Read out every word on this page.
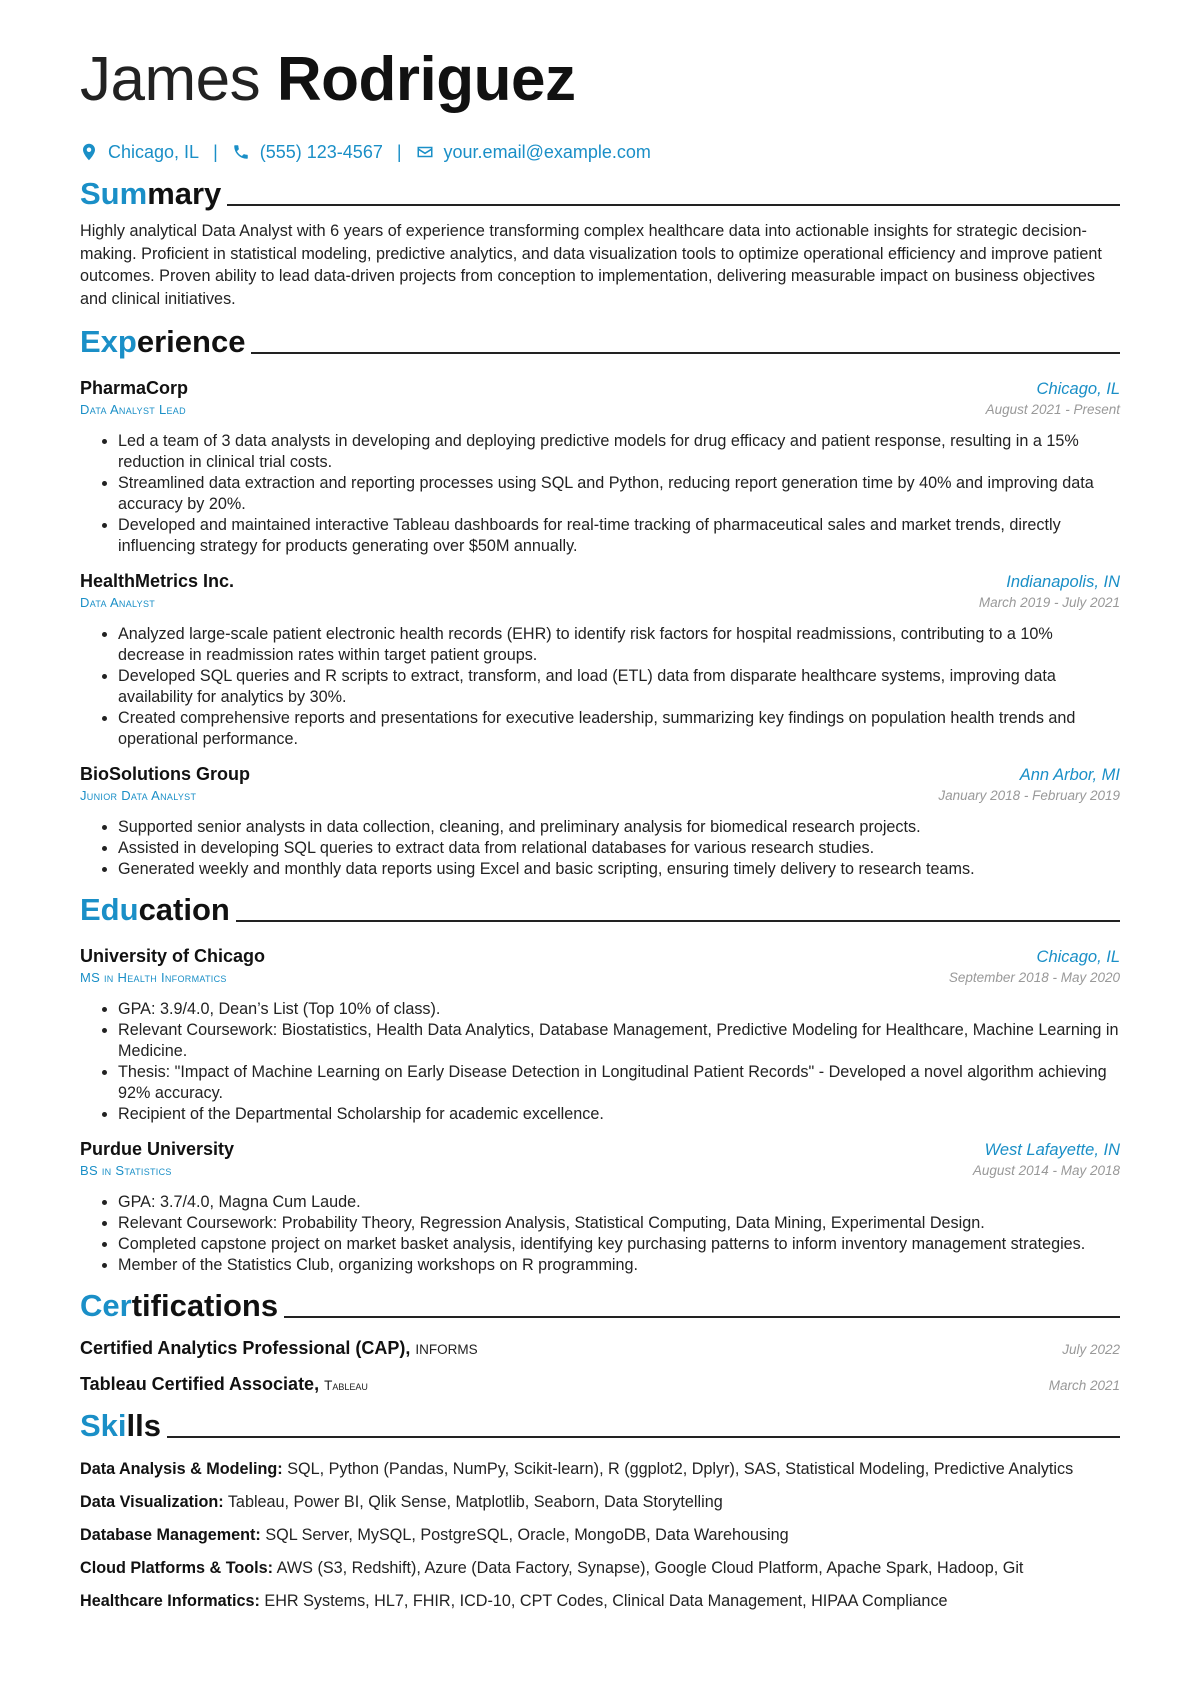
James Rodriguez
Chicago, IL | (555) 123-4567 | your.email@example.com
Summary
Highly analytical Data Analyst with 6 years of experience transforming complex healthcare data into actionable insights for strategic decision-making. Proficient in statistical modeling, predictive analytics, and data visualization tools to optimize operational efficiency and improve patient outcomes. Proven ability to lead data-driven projects from conception to implementation, delivering measurable impact on business objectives and clinical initiatives.
Experience
PharmaCorp	Chicago, IL
Data Analyst Lead	August 2021 - Present
• Led a team of 3 data analysts in developing and deploying predictive models for drug efficacy and patient response, resulting in a 15% reduction in clinical trial costs.
• Streamlined data extraction and reporting processes using SQL and Python, reducing report generation time by 40% and improving data accuracy by 20%.
• Developed and maintained interactive Tableau dashboards for real-time tracking of pharmaceutical sales and market trends, directly influencing strategy for products generating over $50M annually.
HealthMetrics Inc.	Indianapolis, IN
Data Analyst	March 2019 - July 2021
• Analyzed large-scale patient electronic health records (EHR) to identify risk factors for hospital readmissions, contributing to a 10% decrease in readmission rates within target patient groups.
• Developed SQL queries and R scripts to extract, transform, and load (ETL) data from disparate healthcare systems, improving data availability for analytics by 30%.
• Created comprehensive reports and presentations for executive leadership, summarizing key findings on population health trends and operational performance.
BioSolutions Group	Ann Arbor, MI
Junior Data Analyst	January 2018 - February 2019
• Supported senior analysts in data collection, cleaning, and preliminary analysis for biomedical research projects.
• Assisted in developing SQL queries to extract data from relational databases for various research studies.
• Generated weekly and monthly data reports using Excel and basic scripting, ensuring timely delivery to research teams.
Education
University of Chicago	Chicago, IL
MS in Health Informatics	September 2018 - May 2020
• GPA: 3.9/4.0, Dean’s List (Top 10% of class).
• Relevant Coursework: Biostatistics, Health Data Analytics, Database Management, Predictive Modeling for Healthcare, Machine Learning in Medicine.
• Thesis: "Impact of Machine Learning on Early Disease Detection in Longitudinal Patient Records" - Developed a novel algorithm achieving 92% accuracy.
• Recipient of the Departmental Scholarship for academic excellence.
Purdue University	West Lafayette, IN
BS in Statistics	August 2014 - May 2018
• GPA: 3.7/4.0, Magna Cum Laude.
• Relevant Coursework: Probability Theory, Regression Analysis, Statistical Computing, Data Mining, Experimental Design.
• Completed capstone project on market basket analysis, identifying key purchasing patterns to inform inventory management strategies.
• Member of the Statistics Club, organizing workshops on R programming.
Certifications
Certified Analytics Professional (CAP), INFORMS	July 2022
Tableau Certified Associate, Tableau	March 2021
Skills
Data Analysis & Modeling: SQL, Python (Pandas, NumPy, Scikit-learn), R (ggplot2, Dplyr), SAS, Statistical Modeling, Predictive Analytics
Data Visualization: Tableau, Power BI, Qlik Sense, Matplotlib, Seaborn, Data Storytelling
Database Management: SQL Server, MySQL, PostgreSQL, Oracle, MongoDB, Data Warehousing
Cloud Platforms & Tools: AWS (S3, Redshift), Azure (Data Factory, Synapse), Google Cloud Platform, Apache Spark, Hadoop, Git
Healthcare Informatics: EHR Systems, HL7, FHIR, ICD-10, CPT Codes, Clinical Data Management, HIPAA Compliance
